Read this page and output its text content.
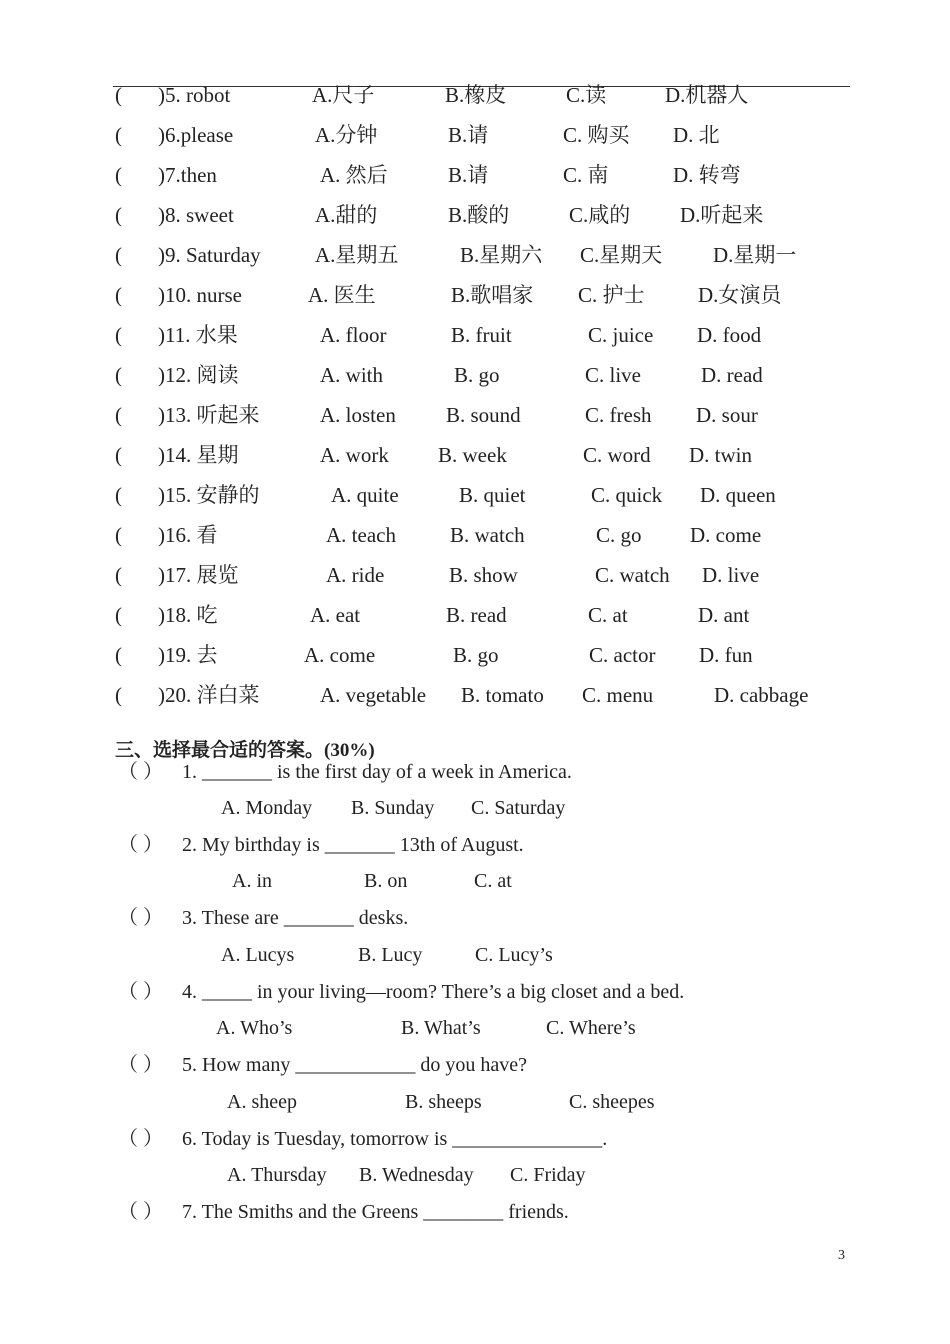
( )5. robot	A.尺子	B.橡皮	C.读	D.机器人
( )6.please	A.分钟	B.请	C. 购买 D. 北
( )7.then	A. 然后	B.请	C. 南	D. 转弯
( )8. sweet	A.甜的	B.酸的	C.咸的 D.听起来
( )9. Saturday	A.星期五	B.星期六 C.星期天 D.星期一
( )10. nurse	A. 医生	B.歌唱家 C. 护士	D.女演员
( )11. 水果	A. floor	B. fruit	C. juice D. food
( )12. 阅读	A. with	B. go	C. live	D. read
( )13. 听起来	A. losten B. sound	C. fresh D. sour
( )14. 星期	A. work B. week	C. word D. twin
( )15. 安静的	A. quite	B. quiet	C. quick D. queen
( )16. 看	A. teach	B. watch	C. go D. come
( )17. 展览	A. ride	B. show	C. watch D. live
( )18. 吃	A. eat	B. read	C. at	D. ant
( )19. 去	A. come	B. go	C. actor D. fun
( )20. 洋白菜	A. vegetable B. tomato C. menu	D. cabbage
三、选择最合适的答案。(30%)
（ ） 1. _______ is the first day of a week in America.
A. Monday B. Sunday C. Saturday
（ ） 2. My birthday is _______ 13th of August.
A. in	B. on	C. at
（ ） 3. These are _______ desks.
A. Lucys	B. Lucy	C. Lucy’s
（ ） 4. _____ in your living—room? There’s a big closet and a bed.
A. Who’s	B. What’s	C. Where’s
（ ） 5. How many ____________ do you have?
A. sheep	B. sheeps	C. sheepes
（ ） 6. Today is Tuesday, tomorrow is _______________.
A. Thursday B. Wednesday C. Friday
（ ） 7. The Smiths and the Greens ________ friends.
3
